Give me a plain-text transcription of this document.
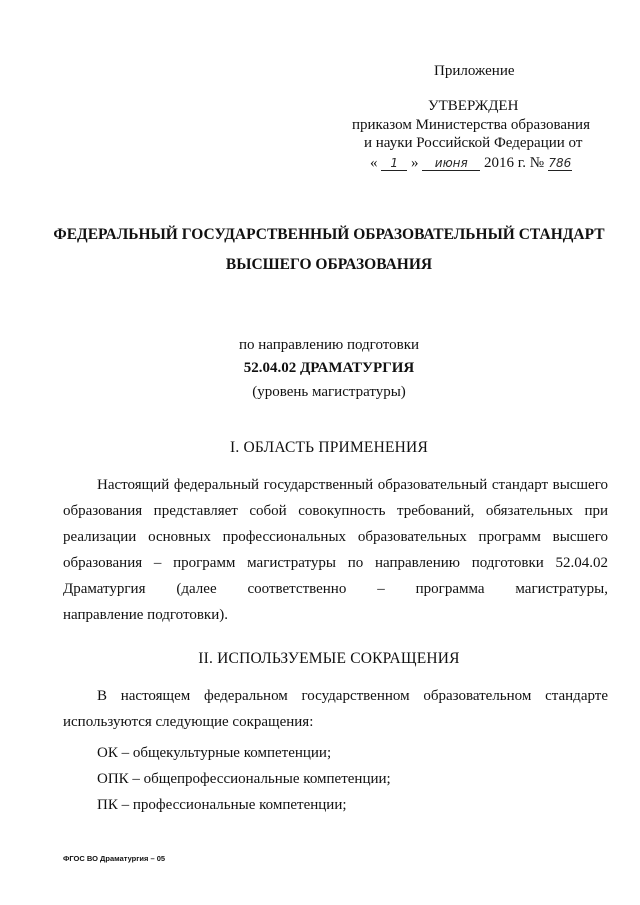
Приложение
УТВЕРЖДЕН
приказом Министерства образования
и науки Российской Федерации от
« 1 » июня 2016 г. № 786
ФЕДЕРАЛЬНЫЙ ГОСУДАРСТВЕННЫЙ ОБРАЗОВАТЕЛЬНЫЙ СТАНДАРТ
ВЫСШЕГО ОБРАЗОВАНИЯ
по направлению подготовки
52.04.02 ДРАМАТУРГИЯ
(уровень магистратуры)
I. ОБЛАСТЬ ПРИМЕНЕНИЯ
Настоящий федеральный государственный образовательный стандарт высшего образования представляет собой совокупность требований, обязательных при реализации основных профессиональных образовательных программ высшего образования – программ магистратуры по направлению подготовки 52.04.02 Драматургия (далее соответственно – программа магистратуры,
направление подготовки).
II. ИСПОЛЬЗУЕМЫЕ СОКРАЩЕНИЯ
В настоящем федеральном государственном образовательном стандарте
используются следующие сокращения:
ОК – общекультурные компетенции;
ОПК – общепрофессиональные компетенции;
ПК – профессиональные компетенции;
ФГОС ВО Драматургия – 05
